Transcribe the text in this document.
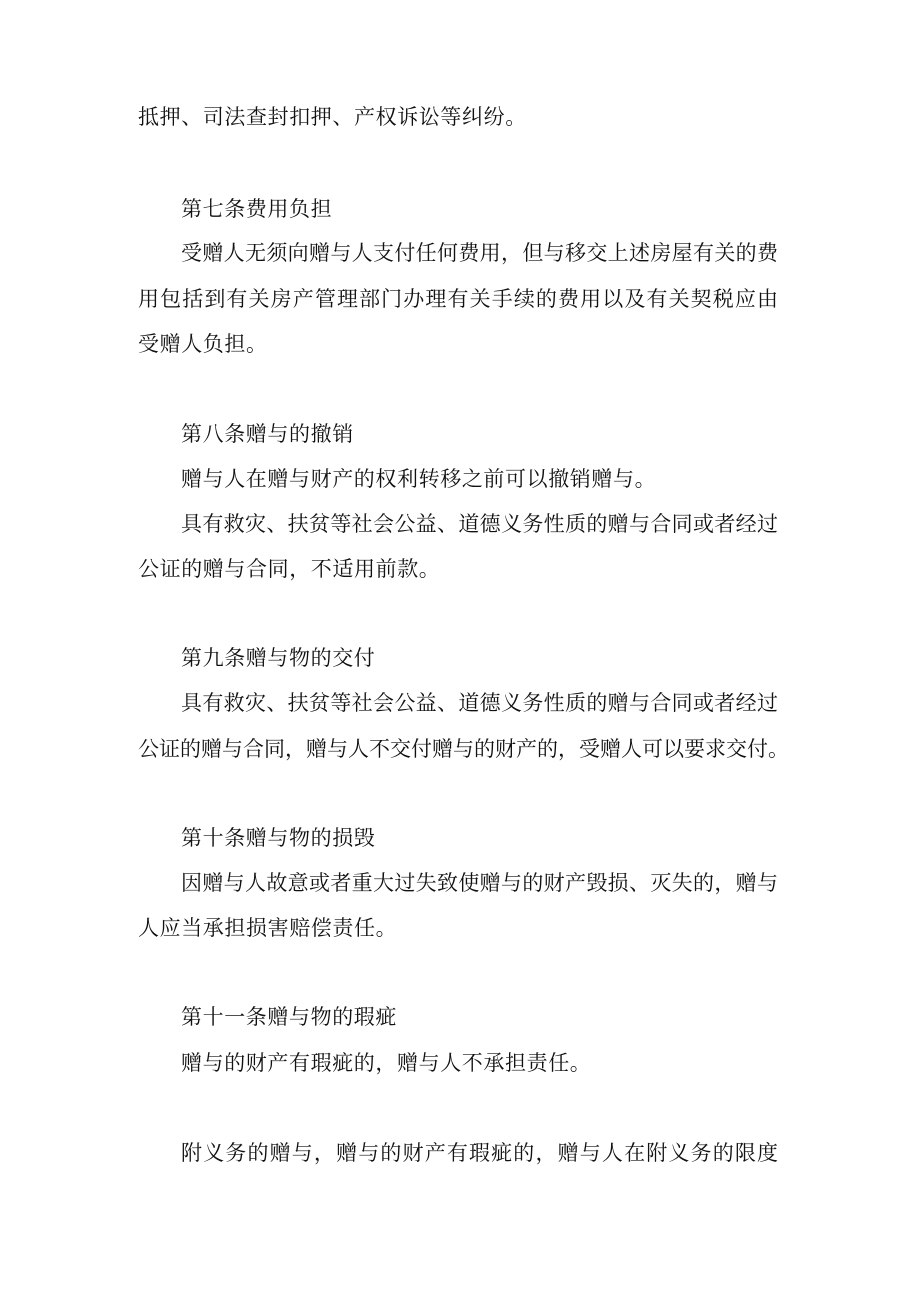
抵押、司法查封扣押、产权诉讼等纠纷。
第七条费用负担
受赠人无须向赠与人支付任何费用，但与移交上述房屋有关的费
用包括到有关房产管理部门办理有关手续的费用以及有关契税应由
受赠人负担。
第八条赠与的撤销
赠与人在赠与财产的权利转移之前可以撤销赠与。
具有救灾、扶贫等社会公益、道德义务性质的赠与合同或者经过
公证的赠与合同，不适用前款。
第九条赠与物的交付
具有救灾、扶贫等社会公益、道德义务性质的赠与合同或者经过
公证的赠与合同，赠与人不交付赠与的财产的，受赠人可以要求交付。
第十条赠与物的损毁
因赠与人故意或者重大过失致使赠与的财产毁损、灭失的，赠与
人应当承担损害赔偿责任。
第十一条赠与物的瑕疵
赠与的财产有瑕疵的，赠与人不承担责任。
附义务的赠与，赠与的财产有瑕疵的，赠与人在附义务的限度
